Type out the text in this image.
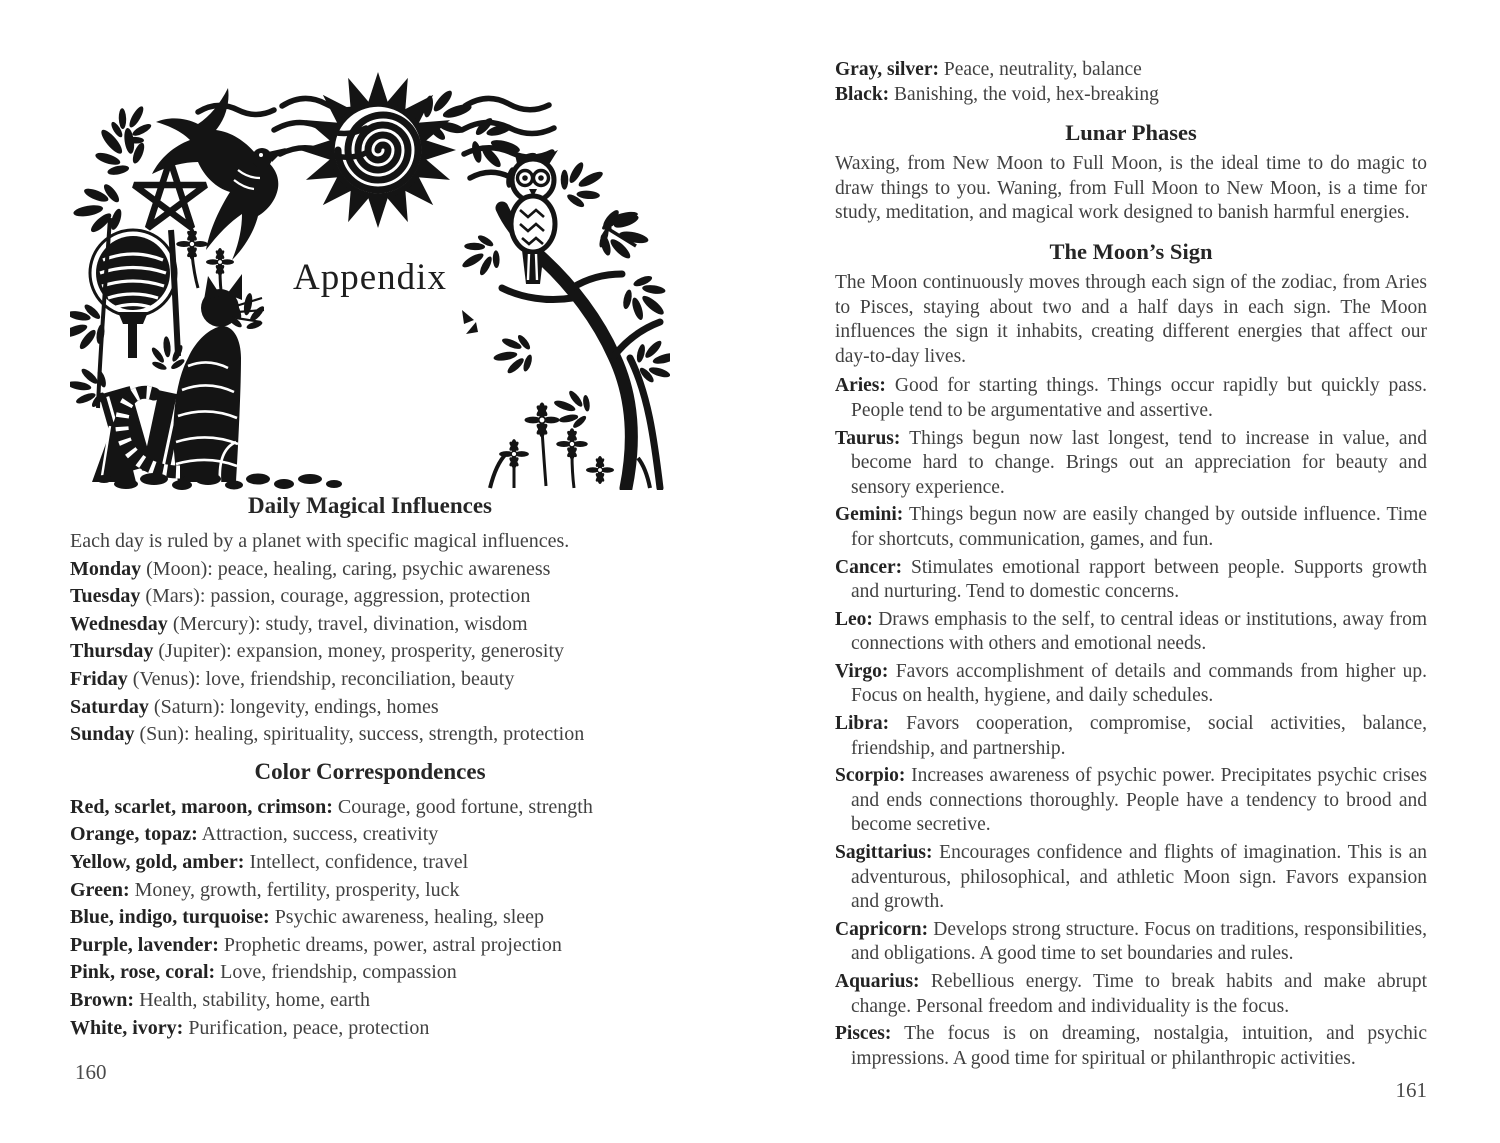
Appendix
Daily Magical Influences

Each day is ruled by a planet with specific magical influences.

Monday (Moon): peace, healing, caring, psychic awareness

Tuesday (Mars): passion, courage, aggression, protection

Wednesday (Mercury): study, travel, divination, wisdom

Thursday (Jupiter): expansion, money, prosperity, generosity

Friday (Venus): love, friendship, reconciliation, beauty

Saturday (Saturn): longevity, endings, homes

Sunday (Sun): healing, spirituality, success, strength, protection

Color Correspondences

Red, scarlet, maroon, crimson: Courage, good fortune, strength

Orange, topaz: Attraction, success, creativity

Yellow, gold, amber: Intellect, confidence, travel

Green: Money, growth, fertility, prosperity, luck

Blue, indigo, turquoise: Psychic awareness, healing, sleep

Purple, lavender: Prophetic dreams, power, astral projection

Pink, rose, coral: Love, friendship, compassion

Brown: Health, stability, home, earth

White, ivory: Purification, peace, protection

Gray, silver: Peace, neutrality, balance

Black: Banishing, the void, hex-breaking

Lunar Phases

Waxing, from New Moon to Full Moon, is the ideal time to do magic to draw things to you. Waning, from Full Moon to New Moon, is a time for study, meditation, and magical work designed to banish harmful energies.

The Moon’s Sign

The Moon continuously moves through each sign of the zodiac, from Aries to Pisces, staying about two and a half days in each sign. The Moon influences the sign it inhabits, creating different energies that affect our day-to-day lives.

Aries: Good for starting things. Things occur rapidly but quickly pass. People tend to be argumentative and assertive.

Taurus: Things begun now last longest, tend to increase in value, and become hard to change. Brings out an appreciation for beauty and sensory experience.

Gemini: Things begun now are easily changed by outside influence. Time for shortcuts, communication, games, and fun.

Cancer: Stimulates emotional rapport between people. Supports growth and nurturing. Tend to domestic concerns.

Leo: Draws emphasis to the self, to central ideas or institutions, away from connections with others and emotional needs.

Virgo: Favors accomplishment of details and commands from higher up. Focus on health, hygiene, and daily schedules.

Libra: Favors cooperation, compromise, social activities, balance, friendship, and partnership.

Scorpio: Increases awareness of psychic power. Precipitates psychic crises and ends connections thoroughly. People have a tendency to brood and become secretive.

Sagittarius: Encourages confidence and flights of imagination. This is an adventurous, philosophical, and athletic Moon sign. Favors expansion and growth.

Capricorn: Develops strong structure. Focus on traditions, responsibilities, and obligations. A good time to set boundaries and rules.

Aquarius: Rebellious energy. Time to break habits and make abrupt change. Personal freedom and individuality is the focus.

Pisces: The focus is on dreaming, nostalgia, intuition, and psychic impressions. A good time for spiritual or philanthropic activities.

160
161
